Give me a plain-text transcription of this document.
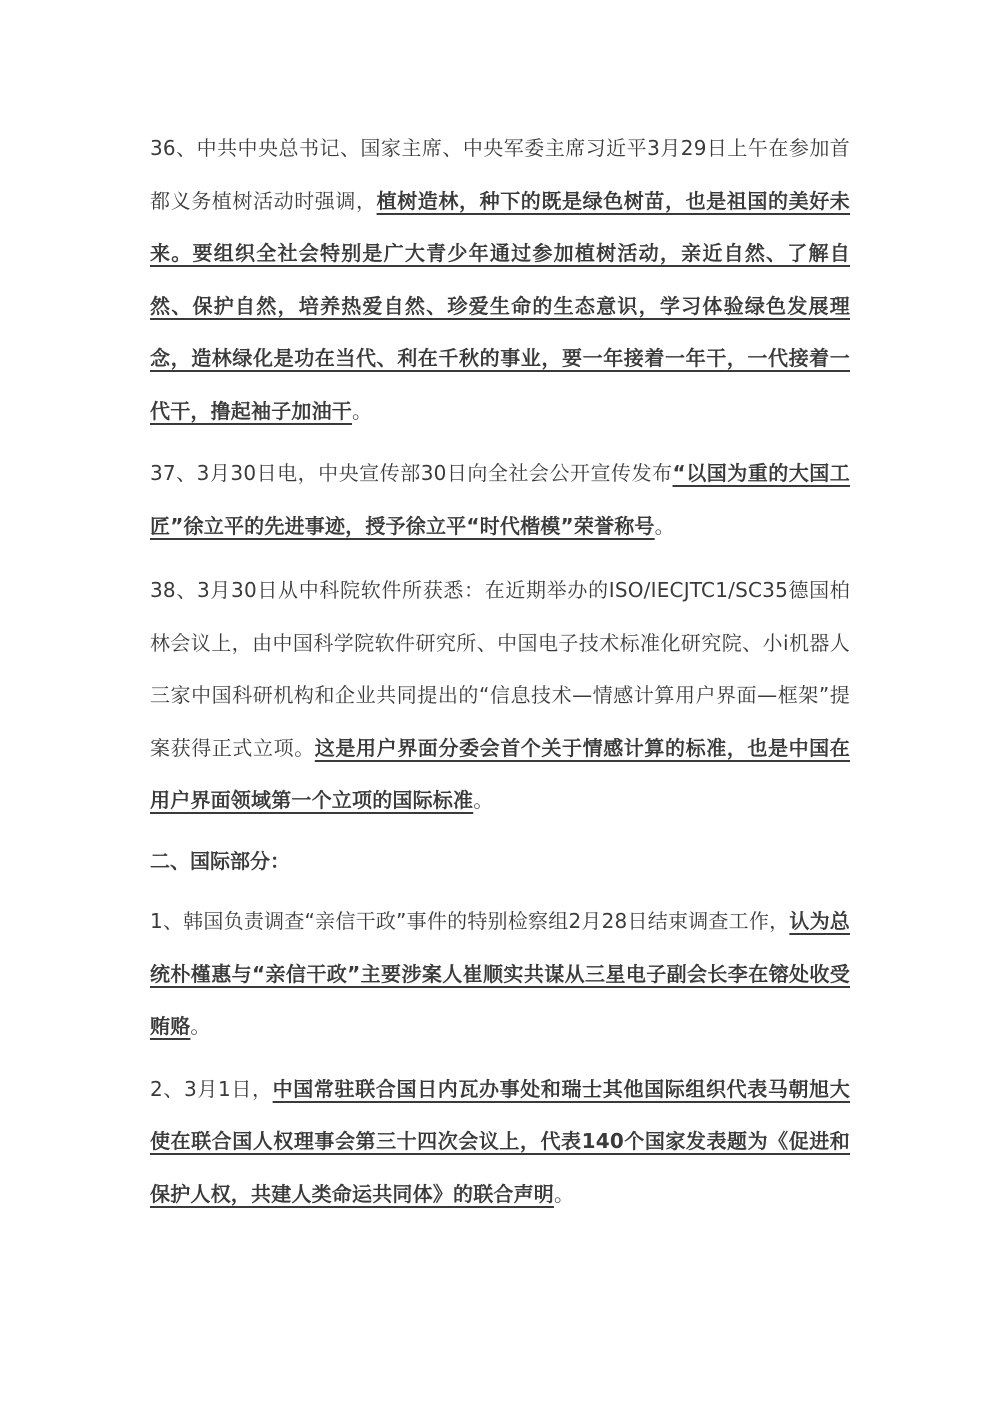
36、中共中央总书记、国家主席、中央军委主席习近平3月29日上午在参加首都义务植树活动时强调，植树造林，种下的既是绿色树苗，也是祖国的美好未来。要组织全社会特别是广大青少年通过参加植树活动，亲近自然、了解自然、保护自然，培养热爱自然、珍爱生命的生态意识，学习体验绿色发展理念，造林绿化是功在当代、利在千秋的事业，要一年接着一年干，一代接着一代干，撸起袖子加油干。

37、3月30日电，中央宣传部30日向全社会公开宣传发布“以国为重的大国工匠”徐立平的先进事迹，授予徐立平“时代楷模”荣誉称号。

38、3月30日从中科院软件所获悉：在近期举办的ISO/IECJTC1/SC35德国柏林会议上，由中国科学院软件研究所、中国电子技术标准化研究院、小i机器人三家中国科研机构和企业共同提出的“信息技术—情感计算用户界面—框架”提案获得正式立项。这是用户界面分委会首个关于情感计算的标准，也是中国在用户界面领域第一个立项的国际标准。

二、国际部分：

1、韩国负责调查“亲信干政”事件的特别检察组2月28日结束调查工作，认为总统朴槿惠与“亲信干政”主要涉案人崔顺实共谋从三星电子副会长李在镕处收受贿赂。

2、3月1日，中国常驻联合国日内瓦办事处和瑞士其他国际组织代表马朝旭大使在联合国人权理事会第三十四次会议上，代表140个国家发表题为《促进和保护人权，共建人类命运共同体》的联合声明。
